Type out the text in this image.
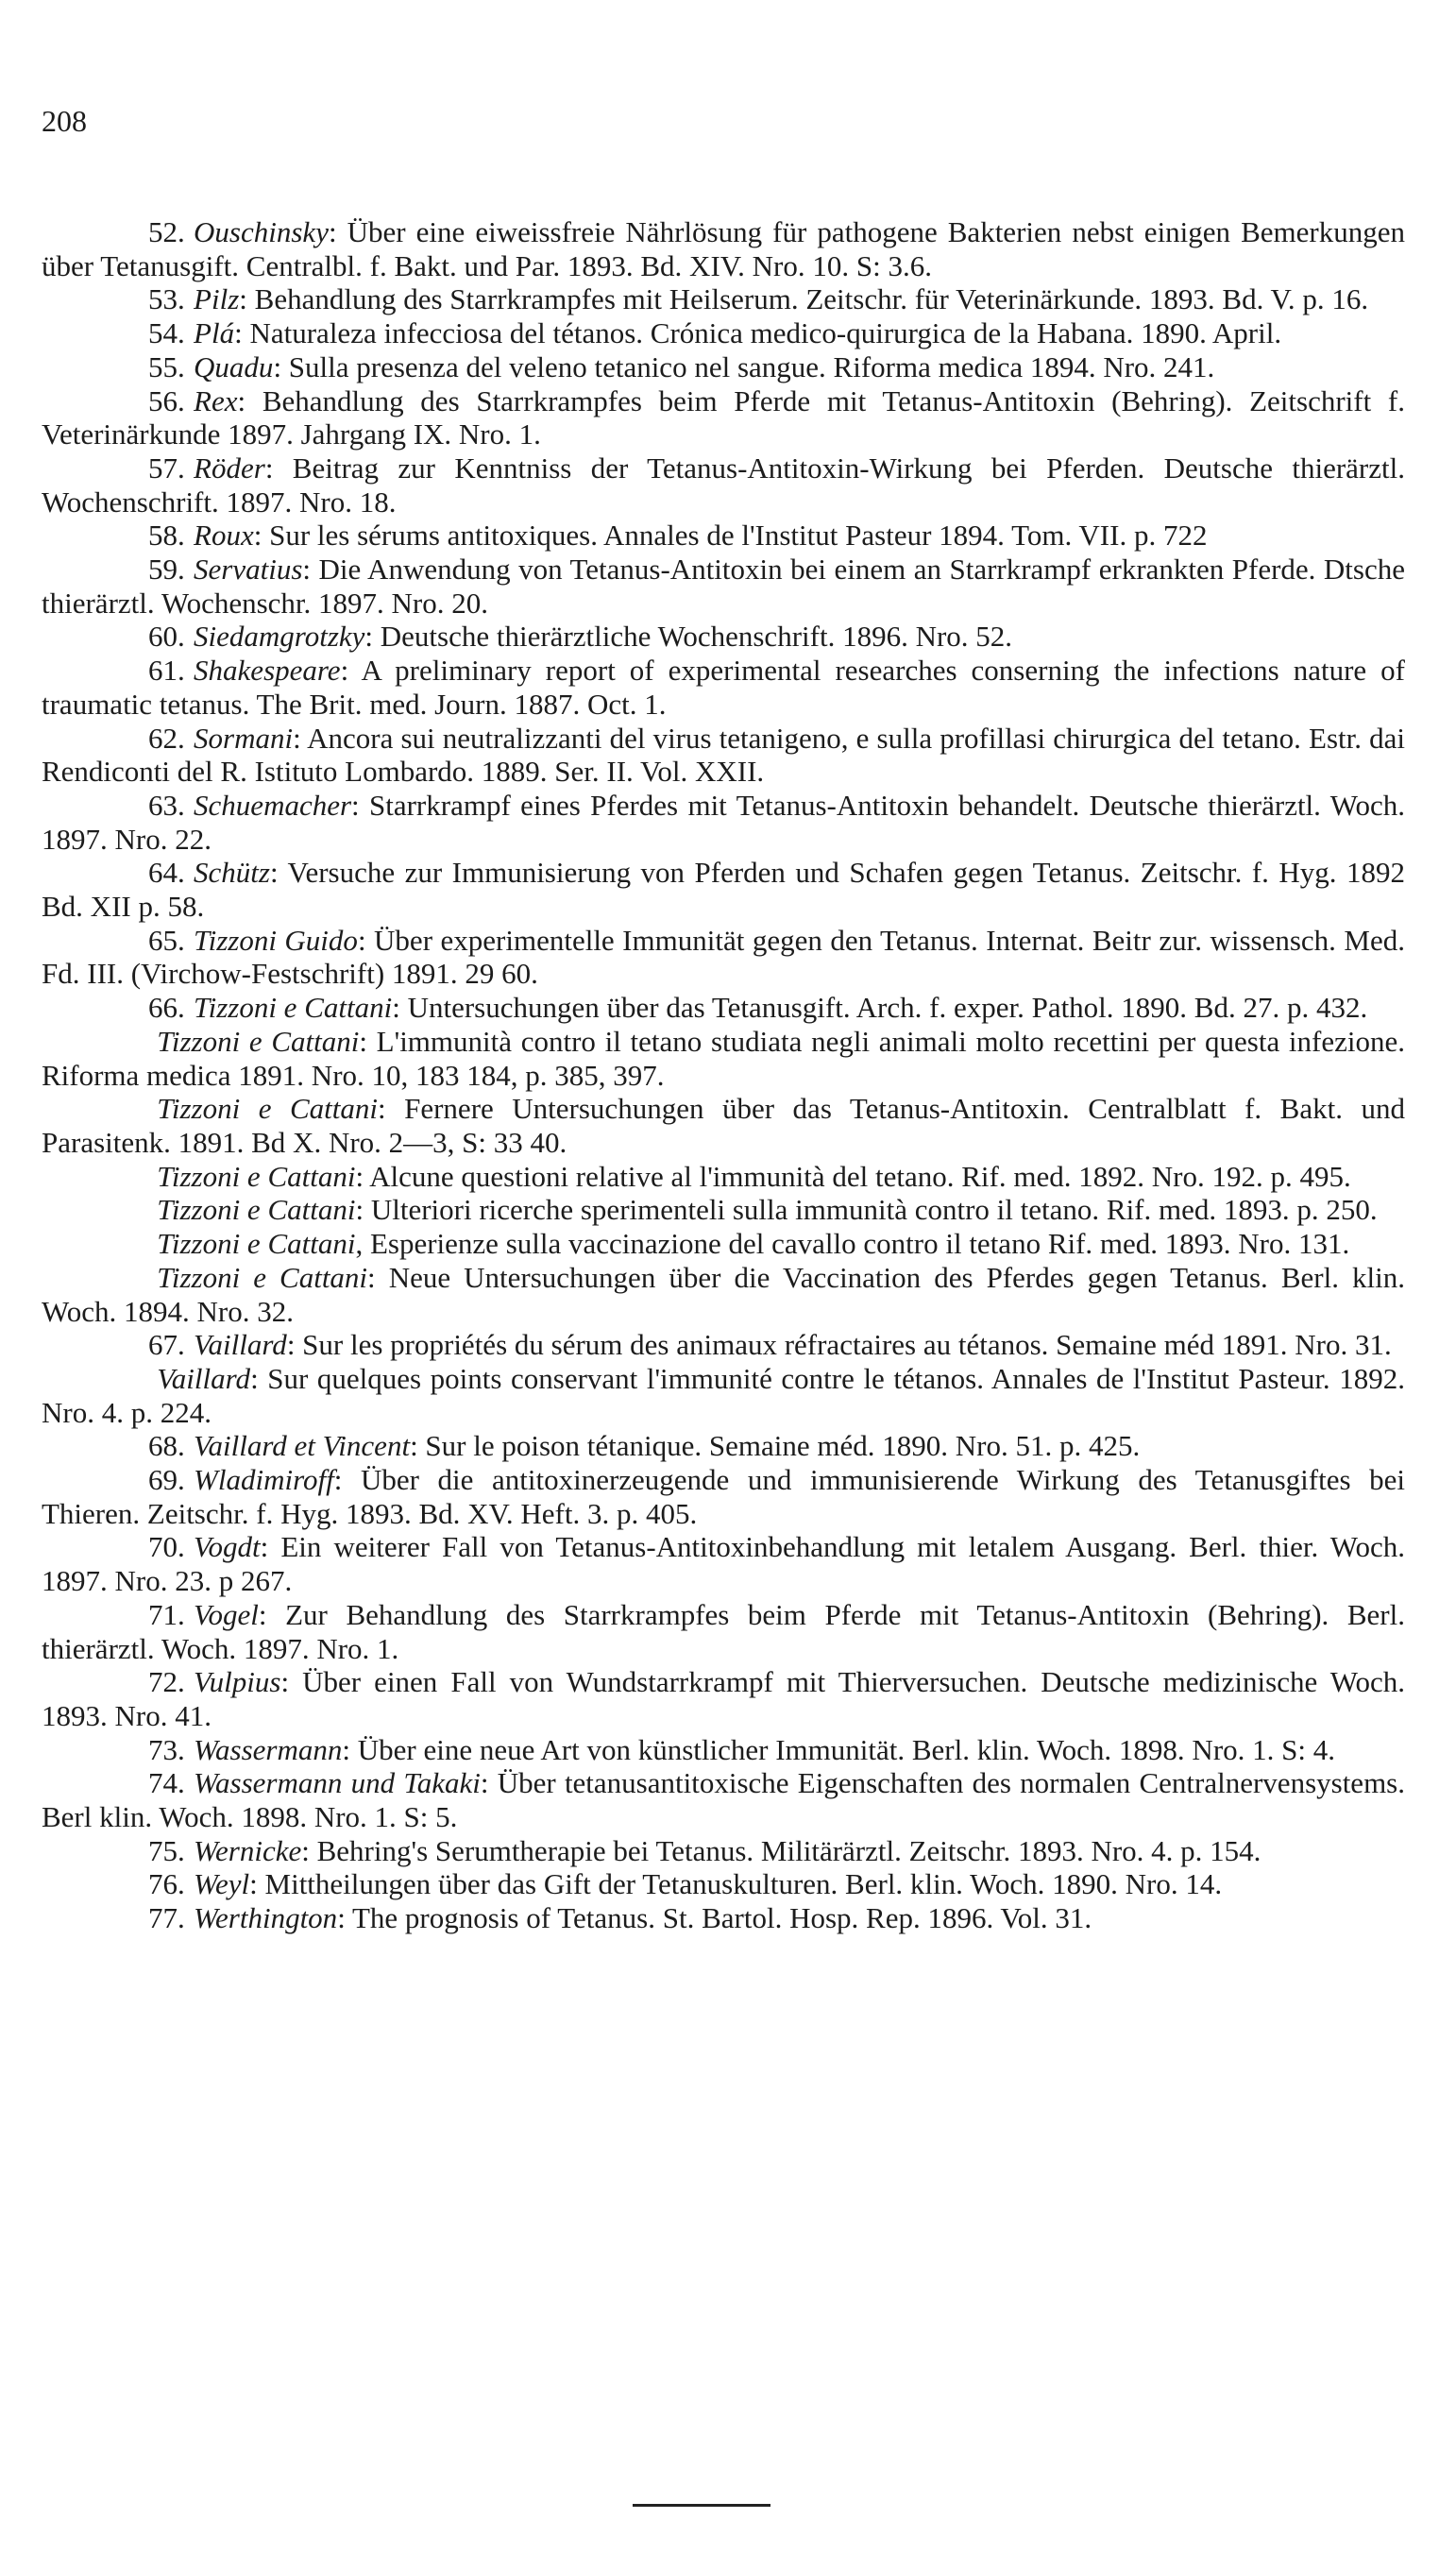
208

52. Ouschinsky: Über eine eiweissfreie Nährlösung für pathogene Bakterien nebst einigen Bemerkungen über Tetanusgift. Centralbl. f. Bakt. und Par. 1893. Bd. XIV. Nro. 10. S: 3.6.

53. Pilz: Behandlung des Starrkrampfes mit Heilserum. Zeitschr. für Veterinärkunde. 1893. Bd. V. p. 16.

54. Plá: Naturaleza infecciosa del tétanos. Crónica medico-quirurgica de la Habana. 1890. April.

55. Quadu: Sulla presenza del veleno tetanico nel sangue. Riforma medica 1894. Nro. 241.

56. Rex: Behandlung des Starrkrampfes beim Pferde mit Tetanus-Antitoxin (Behring). Zeitschrift f. Veterinärkunde 1897. Jahrgang IX. Nro. 1.

57. Röder: Beitrag zur Kenntniss der Tetanus-Antitoxin-Wirkung bei Pferden. Deutsche thierärztl. Wochenschrift. 1897. Nro. 18.

58. Roux: Sur les sérums antitoxiques. Annales de l'Institut Pasteur 1894. Tom. VII. p. 722

59. Servatius: Die Anwendung von Tetanus-Antitoxin bei einem an Starrkrampf erkrankten Pferde. Dtsche thierärztl. Wochenschr. 1897. Nro. 20.

60. Siedamgrotzky: Deutsche thierärztliche Wochenschrift. 1896. Nro. 52.

61. Shakespeare: A preliminary report of experimental researches conserning the infections nature of traumatic tetanus. The Brit. med. Journ. 1887. Oct. 1.

62. Sormani: Ancora sui neutralizzanti del virus tetanigeno, e sulla profillasi chirurgica del tetano. Estr. dai Rendiconti del R. Istituto Lombardo. 1889. Ser. II. Vol. XXII.

63. Schuemacher: Starrkrampf eines Pferdes mit Tetanus-Antitoxin behandelt. Deutsche thierärztl. Woch. 1897. Nro. 22.

64. Schütz: Versuche zur Immunisierung von Pferden und Schafen gegen Tetanus. Zeitschr. f. Hyg. 1892 Bd. XII p. 58.

65. Tizzoni Guido: Über experimentelle Immunität gegen den Tetanus. Internat. Beitr zur. wissensch. Med. Fd. III. (Virchow-Festschrift) 1891. 29 60.

66. Tizzoni e Cattani: Untersuchungen über das Tetanusgift. Arch. f. exper. Pathol. 1890. Bd. 27. p. 432.

Tizzoni e Cattani: L'immunità contro il tetano studiata negli animali molto recettini per questa infezione. Riforma medica 1891. Nro. 10, 183 184, p. 385, 397.

Tizzoni e Cattani: Fernere Untersuchungen über das Tetanus-Antitoxin. Centralblatt f. Bakt. und Parasitenk. 1891. Bd X. Nro. 2—3, S: 33 40.

Tizzoni e Cattani: Alcune questioni relative al l'immunità del tetano. Rif. med. 1892. Nro. 192. p. 495.

Tizzoni e Cattani: Ulteriori ricerche sperimenteli sulla immunità contro il tetano. Rif. med. 1893. p. 250.

Tizzoni e Cattani, Esperienze sulla vaccinazione del cavallo contro il tetano Rif. med. 1893. Nro. 131.

Tizzoni e Cattani: Neue Untersuchungen über die Vaccination des Pferdes gegen Tetanus. Berl. klin. Woch. 1894. Nro. 32.

67. Vaillard: Sur les propriétés du sérum des animaux réfractaires au tétanos. Semaine méd 1891. Nro. 31.

Vaillard: Sur quelques points conservant l'immunité contre le tétanos. Annales de l'Institut Pasteur. 1892. Nro. 4. p. 224.

68. Vaillard et Vincent: Sur le poison tétanique. Semaine méd. 1890. Nro. 51. p. 425.

69. Wladimiroff: Über die antitoxinerzeugende und immunisierende Wirkung des Tetanusgiftes bei Thieren. Zeitschr. f. Hyg. 1893. Bd. XV. Heft. 3. p. 405.

70. Vogdt: Ein weiterer Fall von Tetanus-Antitoxinbehandlung mit letalem Ausgang. Berl. thier. Woch. 1897. Nro. 23. p 267.

71. Vogel: Zur Behandlung des Starrkrampfes beim Pferde mit Tetanus-Antitoxin (Behring). Berl. thierärztl. Woch. 1897. Nro. 1.

72. Vulpius: Über einen Fall von Wundstarrkrampf mit Thierversuchen. Deutsche medizinische Woch. 1893. Nro. 41.

73. Wassermann: Über eine neue Art von künstlicher Immunität. Berl. klin. Woch. 1898. Nro. 1. S: 4.

74. Wassermann und Takaki: Über tetanusantitoxische Eigenschaften des normalen Centralnervensystems. Berl klin. Woch. 1898. Nro. 1. S: 5.

75. Wernicke: Behring's Serumtherapie bei Tetanus. Militärärztl. Zeitschr. 1893. Nro. 4. p. 154.

76. Weyl: Mittheilungen über das Gift der Tetanuskulturen. Berl. klin. Woch. 1890. Nro. 14.

77. Werthington: The prognosis of Tetanus. St. Bartol. Hosp. Rep. 1896. Vol. 31.
